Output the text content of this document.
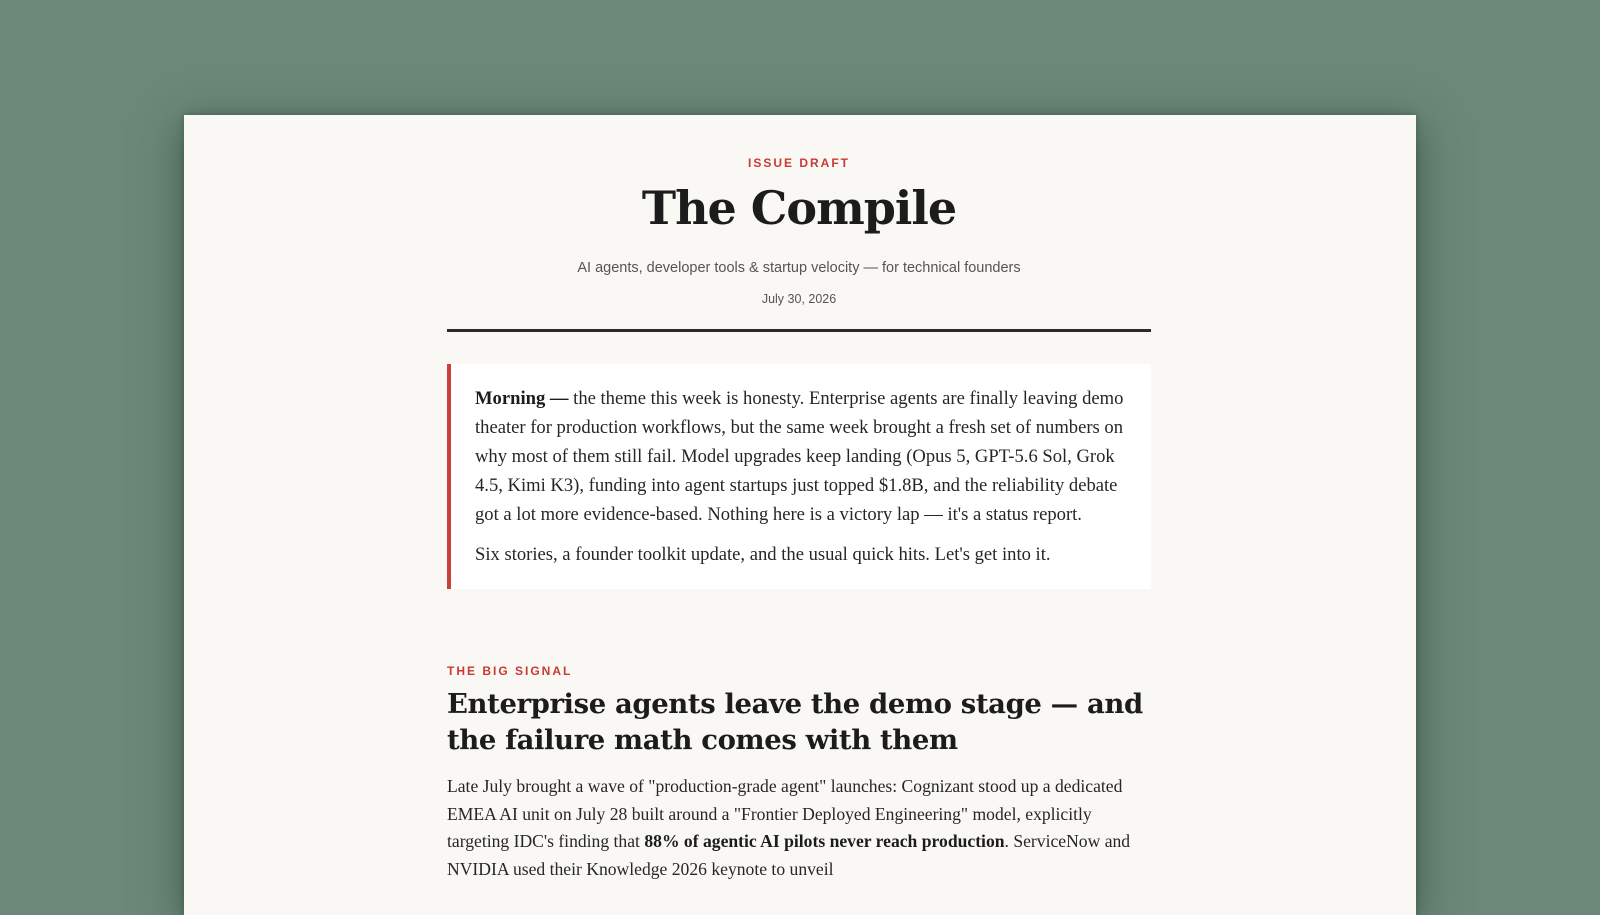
ISSUE DRAFT
The Compile
AI agents, developer tools & startup velocity — for technical founders
July 30, 2026

Morning — the theme this week is honesty. Enterprise agents are finally leaving demo theater for production workflows, but the same week brought a fresh set of numbers on why most of them still fail. Model upgrades keep landing (Opus 5, GPT-5.6 Sol, Grok 4.5, Kimi K3), funding into agent startups just topped $1.8B, and the reliability debate got a lot more evidence-based. Nothing here is a victory lap — it's a status report.

Six stories, a founder toolkit update, and the usual quick hits. Let's get into it.

THE BIG SIGNAL
Enterprise agents leave the demo stage — and the failure math comes with them

Late July brought a wave of "production-grade agent" launches: Cognizant stood up a dedicated EMEA AI unit on July 28 built around a "Frontier Deployed Engineering" model, explicitly targeting IDC's finding that 88% of agentic AI pilots never reach production. ServiceNow and NVIDIA used their Knowledge 2026 keynote to unveil
